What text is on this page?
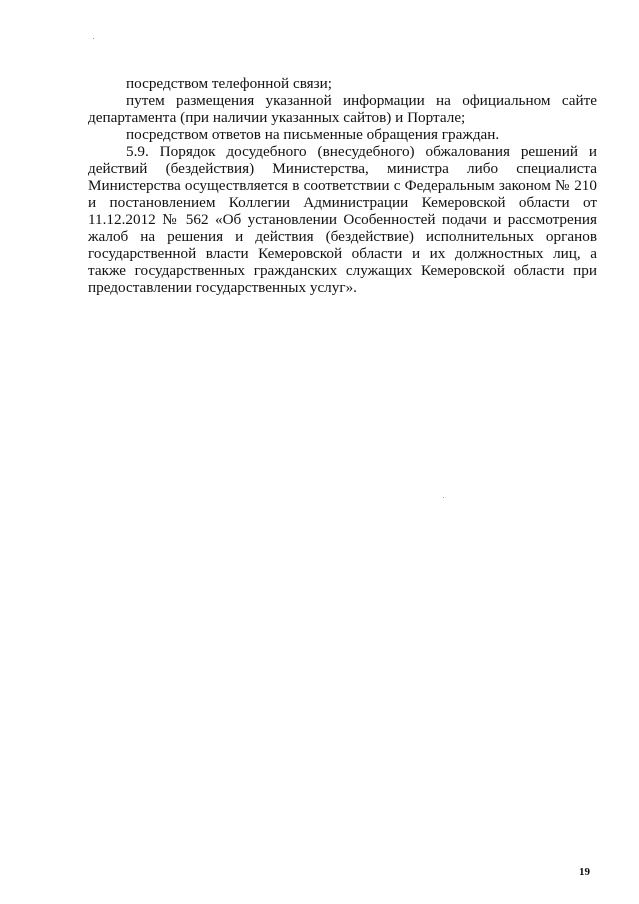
посредством телефонной связи;
путем размещения указанной информации на официальном сайте
департамента (при наличии указанных сайтов) и Портале;
посредством ответов на письменные обращения граждан.
5.9. Порядок досудебного (внесудебного) обжалования решений и
действий (бездействия) Министерства, министра либо специалиста
Министерства осуществляется в соответствии с Федеральным законом № 210
и постановлением Коллегии Администрации Кемеровской области от
11.12.2012 № 562 «Об установлении Особенностей подачи и рассмотрения
жалоб на решения и действия (бездействие) исполнительных органов
государственной власти Кемеровской области и их должностных лиц, а
также государственных гражданских служащих Кемеровской области при
предоставлении государственных услуг».
19
